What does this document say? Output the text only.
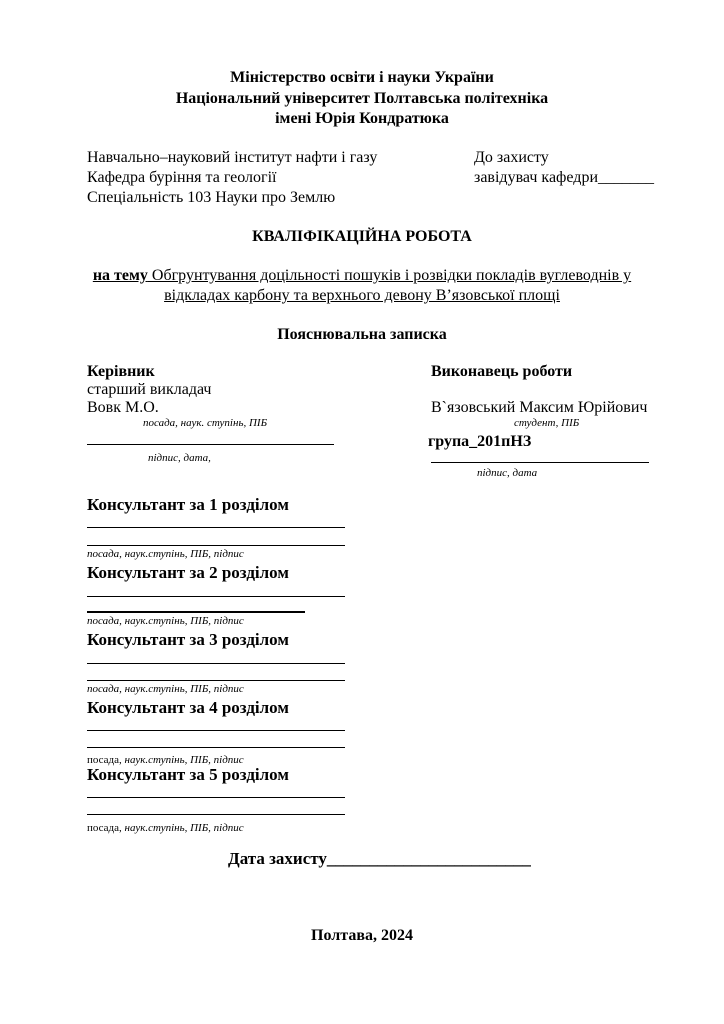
Міністерство освіти і науки України
Національний університет Полтавська політехніка
імені Юрія Кондратюка
Навчально–науковий інститут нафти і газу
Кафедра буріння та геології
Спеціальність 103 Науки про Землю
До захисту
завідувач кафедри_______
КВАЛІФІКАЦІЙНА РОБОТА
на тему Обгрунтування доцільності пошуків і розвідки покладів вуглеводнів у
відкладах карбону та верхнього девону В’язовської площі
Пояснювальна записка
Керівник
старший викладач
Вовк М.О.
посада, наук. ступінь, ПІБ
підпис, дата,
Виконавець роботи
В`язовський Максим Юрійович
студент, ПІБ
група_201пНЗ
підпис, дата
Консультант за 1 розділом
посада, наук.ступінь, ПІБ, підпис
Консультант за 2 розділом
посада, наук.ступінь, ПІБ, підпис
Консультант за 3 розділом
посада, наук.ступінь, ПІБ, підпис
Консультант за 4 розділом
посада, наук.ступінь, ПІБ, підпис
Консультант за 5 розділом
посада, наук.ступінь, ПІБ, підпис
Дата захисту________________________
Полтава, 2024
